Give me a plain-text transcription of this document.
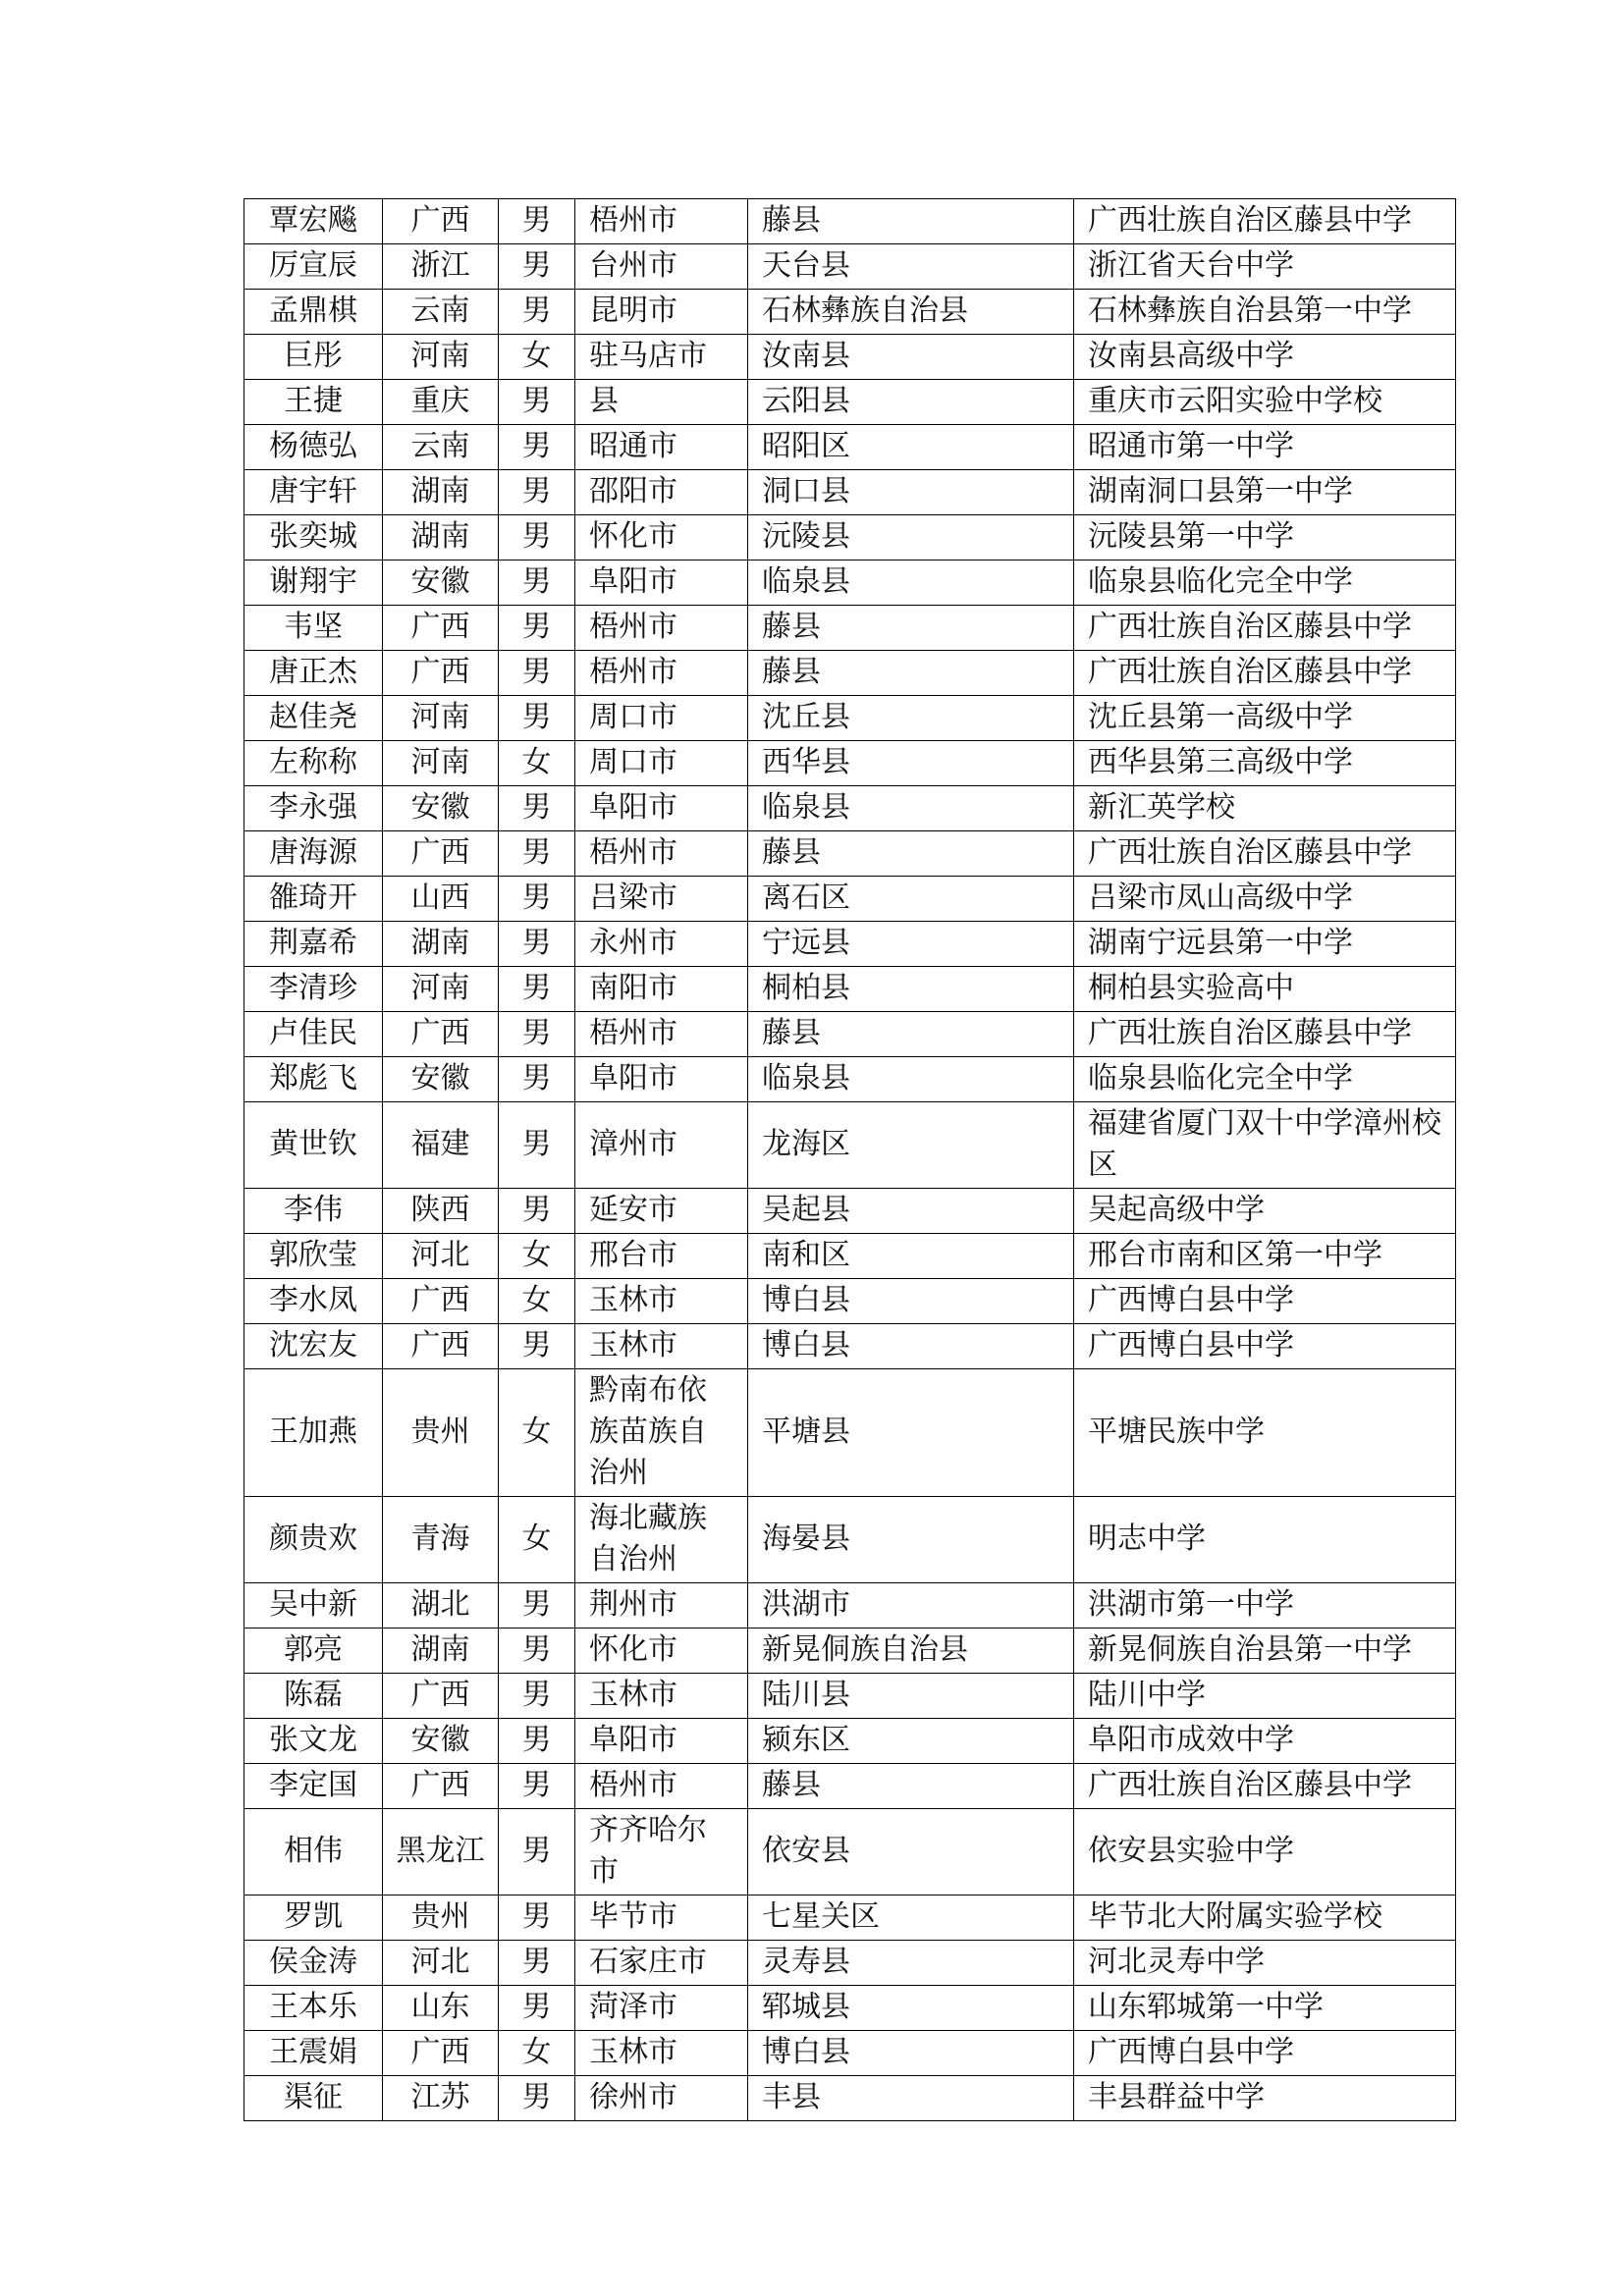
覃宏飚	广西	男	梧州市	藤县	广西壮族自治区藤县中学
厉宣辰	浙江	男	台州市	天台县	浙江省天台中学
孟鼎棋	云南	男	昆明市	石林彝族自治县	石林彝族自治县第一中学
巨彤	河南	女	驻马店市	汝南县	汝南县高级中学
王捷	重庆	男	县	云阳县	重庆市云阳实验中学校
杨德弘	云南	男	昭通市	昭阳区	昭通市第一中学
唐宇轩	湖南	男	邵阳市	洞口县	湖南洞口县第一中学
张奕城	湖南	男	怀化市	沅陵县	沅陵县第一中学
谢翔宇	安徽	男	阜阳市	临泉县	临泉县临化完全中学
韦坚	广西	男	梧州市	藤县	广西壮族自治区藤县中学
唐正杰	广西	男	梧州市	藤县	广西壮族自治区藤县中学
赵佳尧	河南	男	周口市	沈丘县	沈丘县第一高级中学
左称称	河南	女	周口市	西华县	西华县第三高级中学
李永强	安徽	男	阜阳市	临泉县	新汇英学校
唐海源	广西	男	梧州市	藤县	广西壮族自治区藤县中学
雒琦开	山西	男	吕梁市	离石区	吕梁市凤山高级中学
荆嘉希	湖南	男	永州市	宁远县	湖南宁远县第一中学
李清珍	河南	男	南阳市	桐柏县	桐柏县实验高中
卢佳民	广西	男	梧州市	藤县	广西壮族自治区藤县中学
郑彪飞	安徽	男	阜阳市	临泉县	临泉县临化完全中学
黄世钦	福建	男	漳州市	龙海区	福建省厦门双十中学漳州校区
李伟	陕西	男	延安市	吴起县	吴起高级中学
郭欣莹	河北	女	邢台市	南和区	邢台市南和区第一中学
李水凤	广西	女	玉林市	博白县	广西博白县中学
沈宏友	广西	男	玉林市	博白县	广西博白县中学
王加燕	贵州	女	黔南布依族苗族自治州	平塘县	平塘民族中学
颜贵欢	青海	女	海北藏族自治州	海晏县	明志中学
吴中新	湖北	男	荆州市	洪湖市	洪湖市第一中学
郭亮	湖南	男	怀化市	新晃侗族自治县	新晃侗族自治县第一中学
陈磊	广西	男	玉林市	陆川县	陆川中学
张文龙	安徽	男	阜阳市	颍东区	阜阳市成效中学
李定国	广西	男	梧州市	藤县	广西壮族自治区藤县中学
相伟	黑龙江	男	齐齐哈尔市	依安县	依安县实验中学
罗凯	贵州	男	毕节市	七星关区	毕节北大附属实验学校
侯金涛	河北	男	石家庄市	灵寿县	河北灵寿中学
王本乐	山东	男	菏泽市	郓城县	山东郓城第一中学
王震娟	广西	女	玉林市	博白县	广西博白县中学
渠征	江苏	男	徐州市	丰县	丰县群益中学
